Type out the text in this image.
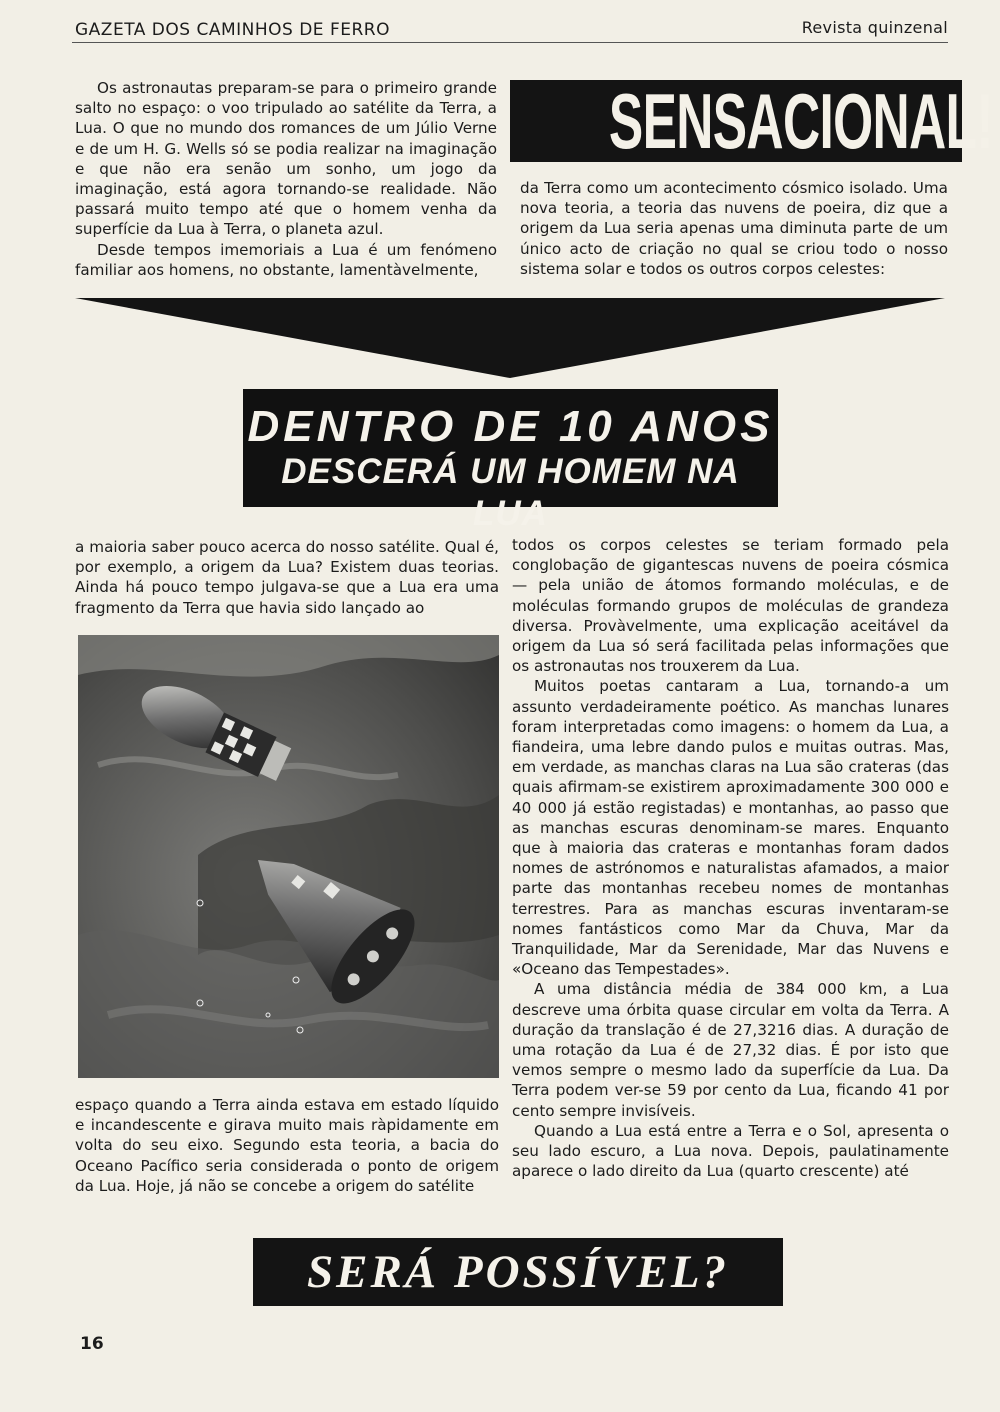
GAZETA DOS CAMINHOS DE FERRO	Revista quinzenal

Os astronautas preparam-se para o primeiro grande salto no espaço: o voo tripulado ao satélite da Terra, a Lua. O que no mundo dos romances de um Júlio Verne e de um H. G. Wells só se podia realizar na imaginação e que não era senão um sonho, um jogo da imaginação, está agora tornando-se realidade. Não passará muito tempo até que o homem venha da superfície da Lua à Terra, o planeta azul.

Desde tempos imemoriais a Lua é um fenómeno familiar aos homens, no obstante, lamentàvelmente,

SENSACIONAL!

da Terra como um acontecimento cósmico isolado. Uma nova teoria, a teoria das nuvens de poeira, diz que a origem da Lua seria apenas uma diminuta parte de um único acto de criação no qual se criou todo o nosso sistema solar e todos os outros corpos celestes:

DENTRO DE 10 ANOS
DESCERÁ UM HOMEM NA LUA

a maioria saber pouco acerca do nosso satélite. Qual é, por exemplo, a origem da Lua? Existem duas teorias. Ainda há pouco tempo julgava-se que a Lua era uma fragmento da Terra que havia sido lançado ao

espaço quando a Terra ainda estava em estado líquido e incandescente e girava muito mais ràpidamente em volta do seu eixo. Segundo esta teoria, a bacia do Oceano Pacífico seria considerada o ponto de origem da Lua. Hoje, já não se concebe a origem do satélite

todos os corpos celestes se teriam formado pela conglobação de gigantescas nuvens de poeira cósmica — pela união de átomos formando moléculas, e de moléculas formando grupos de moléculas de grandeza diversa. Provàvelmente, uma explicação aceitável da origem da Lua só será facilitada pelas informações que os astronautas nos trouxerem da Lua.

Muitos poetas cantaram a Lua, tornando-a um assunto verdadeiramente poético. As manchas lunares foram interpretadas como imagens: o homem da Lua, a fiandeira, uma lebre dando pulos e muitas outras. Mas, em verdade, as manchas claras na Lua são crateras (das quais afirmam-se existirem aproximadamente 300 000 e 40 000 já estão registadas) e montanhas, ao passo que as manchas escuras denominam-se mares. Enquanto que à maioria das crateras e montanhas foram dados nomes de astrónomos e naturalistas afamados, a maior parte das montanhas recebeu nomes de montanhas terrestres. Para as manchas escuras inventaram-se nomes fantásticos como Mar da Chuva, Mar da Tranquilidade, Mar da Serenidade, Mar das Nuvens e «Oceano das Tempestades».

A uma distância média de 384 000 km, a Lua descreve uma órbita quase circular em volta da Terra. A duração da translação é de 27,3216 dias. A duração de uma rotação da Lua é de 27,32 dias. É por isto que vemos sempre o mesmo lado da superfície da Lua. Da Terra podem ver-se 59 por cento da Lua, ficando 41 por cento sempre invisíveis.

Quando a Lua está entre a Terra e o Sol, apresenta o seu lado escuro, a Lua nova. Depois, paulatinamente aparece o lado direito da Lua (quarto crescente) até

SERÁ POSSÍVEL?
16
